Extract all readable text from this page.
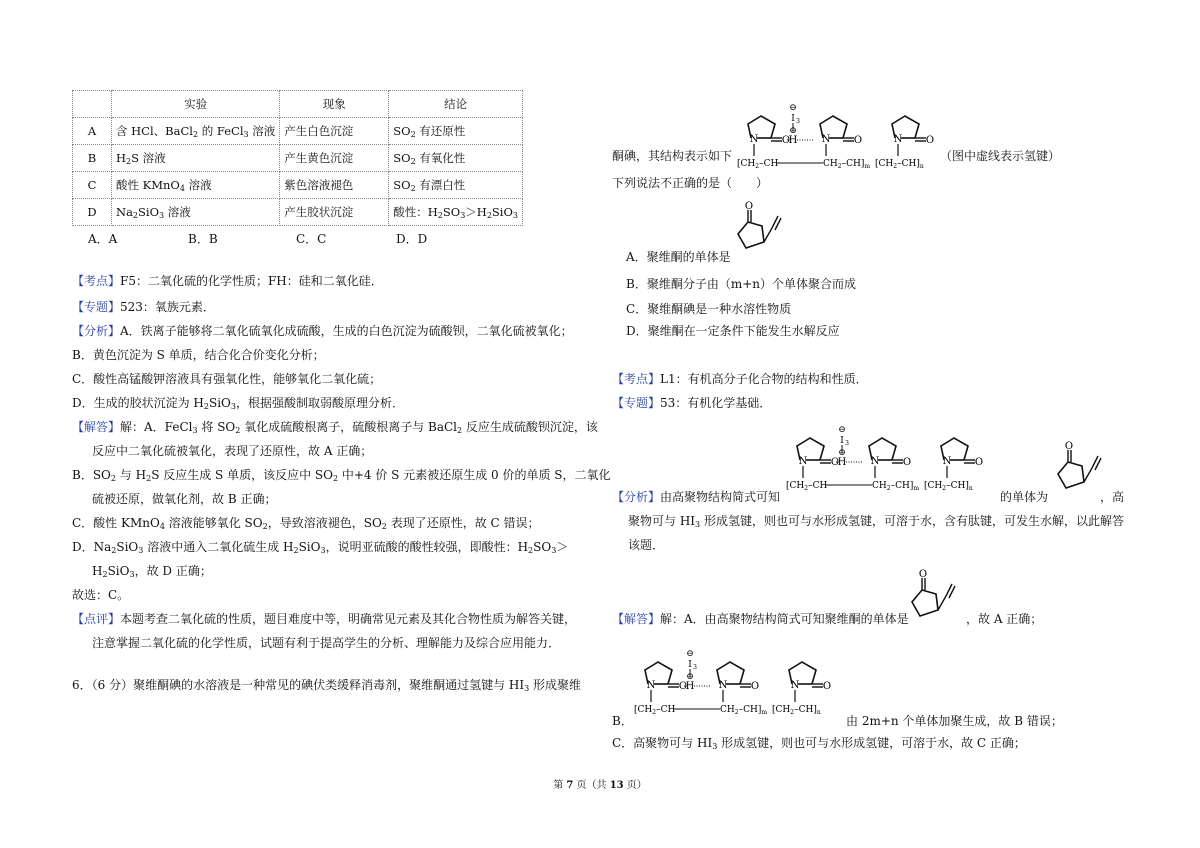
	实验	现象	结论
A	含 HCl、BaCl$_2$ 的 FeCl$_3$ 溶液	产生白色沉淀	$SO_2$ 有还原性
B	$H_2S$ 溶液	产生黄色沉淀	$SO_2$ 有氧化性
C	酸性 KMnO$_4$ 溶液	紫色溶液褪色	$SO_2$ 有漂白性
D	$Na_2SiO_3$ 溶液	产生胶状沉淀	酸性：$H_2SO_3>H_2SiO_3$
A．A	B．B	C．C	D．D
【考点】F5：二氧化硫的化学性质；FH：硅和二氧化硅．
【专题】523：氧族元素．
【分析】A．铁离子能够将二氧化硫氧化成硫酸，生成的白色沉淀为硫酸钡，二氧化硫被氧化；
B．黄色沉淀为 S 单质，结合化合价变化分析；
C．酸性高锰酸钾溶液具有强氧化性，能够氧化二氧化硫；
D．生成的胶状沉淀为 $H_2SiO_3$，根据强酸制取弱酸原理分析．
【解答】解：A．FeCl$_3$ 将 $SO_2$ 氧化成硫酸根离子，硫酸根离子与 BaCl$_2$ 反应生成硫酸钡沉淀，该
反应中二氧化硫被氧化，表现了还原性，故 A 正确；
B．$SO_2$ 与 $H_2S$ 反应生成 S 单质，该反应中 $SO_2$ 中+4 价 S 元素被还原生成 0 价的单质 S，二氧化
硫被还原，做氧化剂，故 B 正确；
C．酸性 KMnO$_4$ 溶液能够氧化 $SO_2$，导致溶液褪色，$SO_2$ 表现了还原性，故 C 错误；
D．$Na_2SiO_3$ 溶液中通入二氧化硫生成 $H_2SiO_3$，说明亚硫酸的酸性较强，即酸性：$H_2SO_3>$
$H_2SiO_3$，故 D 正确；
故选：C。
【点评】本题考查二氧化硫的性质，题目难度中等，明确常见元素及其化合物性质为解答关键，
注意掌握二氧化硫的化学性质，试题有利于提高学生的分析、理解能力及综合应用能力．
6．（6 分）聚维酮碘的水溶液是一种常见的碘伏类缓释消毒剂，聚维酮通过氢键与 $HI_3$ 形成聚维
N O	N O	N O
⊖
I 3
⊕
H
[$CH_2-CH$	$CH_2-CH]_m$ $[CH_2-CH]_n$
酮碘，其结构表示如下	（图中虚线表示氢键）
下列说法不正确的是（　　）
O
A．聚维酮的单体是
B．聚维酮分子由（m+n）个单体聚合而成
C．聚维酮碘是一种水溶性物质
D．聚维酮在一定条件下能发生水解反应
【考点】L1：有机高分子化合物的结构和性质．
【专题】53：有机化学基础．
N O	N O	N O
⊖
I 3
⊕
H
[$CH_2-CH$	$CH_2-CH]_m$ $[CH_2-CH]_n$
O
【分析】由高聚物结构简式可知	的单体为	，高
聚物可与 $HI_3$ 形成氢键，则也可与水形成氢键，可溶于水，含有肽键，可发生水解，以此解答
该题．
O
【解答】解：A．由高聚物结构简式可知聚维酮的单体是	，故 A 正确；
N O	N O	N O
⊖
I 3
⊕
H
[$CH_2-CH$	$CH_2-CH]_m$ $[CH_2-CH]_n$
B．	由 2m+n 个单体加聚生成，故 B 错误；
C．高聚物可与 $HI_3$ 形成氢键，则也可与水形成氢键，可溶于水，故 C 正确；
第 7 页（共 13 页）
